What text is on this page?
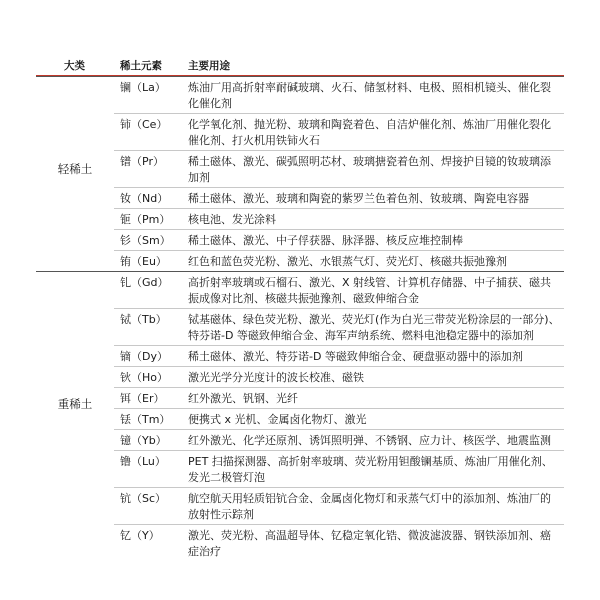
大类	稀土元素 主要用途
轻稀土
镧（La） 炼油厂用高折射率耐碱玻璃、火石、储氢材料、电极、照相机镜头、催化裂化催化剂
铈（Ce） 化学氧化剂、抛光粉、玻璃和陶瓷着色、自洁炉催化剂、炼油厂用催化裂化催化剂、打火机用铁铈火石
镨（Pr） 稀土磁体、激光、碳弧照明芯材、玻璃搪瓷着色剂、焊接护目镜的钕玻璃添加剂
钕（Nd） 稀土磁体、激光、玻璃和陶瓷的紫罗兰色着色剂、钕玻璃、陶瓷电容器
钷（Pm） 核电池、发光涂料
钐（Sm） 稀土磁体、激光、中子俘获器、脉泽器、核反应堆控制棒
铕（Eu） 红色和蓝色荧光粉、激光、水银蒸气灯、荧光灯、核磁共振弛豫剂
重稀土
钆（Gd） 高折射率玻璃或石榴石、激光、X 射线管、计算机存储器、中子捕获、磁共振成像对比剂、核磁共振弛豫剂、磁致伸缩合金
铽（Tb） 铽基磁体、绿色荧光粉、激光、荧光灯(作为白光三带荧光粉涂层的一部分)、特芬诺-D 等磁致伸缩合金、海军声纳系统、燃料电池稳定器中的添加剂
镝（Dy） 稀土磁体、激光、特芬诺-D 等磁致伸缩合金、硬盘驱动器中的添加剂
钬（Ho） 激光光学分光度计的波长校准、磁铁
铒（Er） 红外激光、钒钢、光纤
铥（Tm） 便携式 x 光机、金属卤化物灯、激光
镱（Yb） 红外激光、化学还原剂、诱饵照明弹、不锈钢、应力计、核医学、地震监测
镥（Lu） PET 扫描探测器、高折射率玻璃、荧光粉用钽酸镧基质、炼油厂用催化剂、发光二极管灯泡
钪（Sc） 航空航天用轻质铝钪合金、金属卤化物灯和汞蒸气灯中的添加剂、炼油厂的放射性示踪剂
钇（Y）	激光、荧光粉、高温超导体、钇稳定氧化锆、微波滤波器、钢铁添加剂、癌症治疗
